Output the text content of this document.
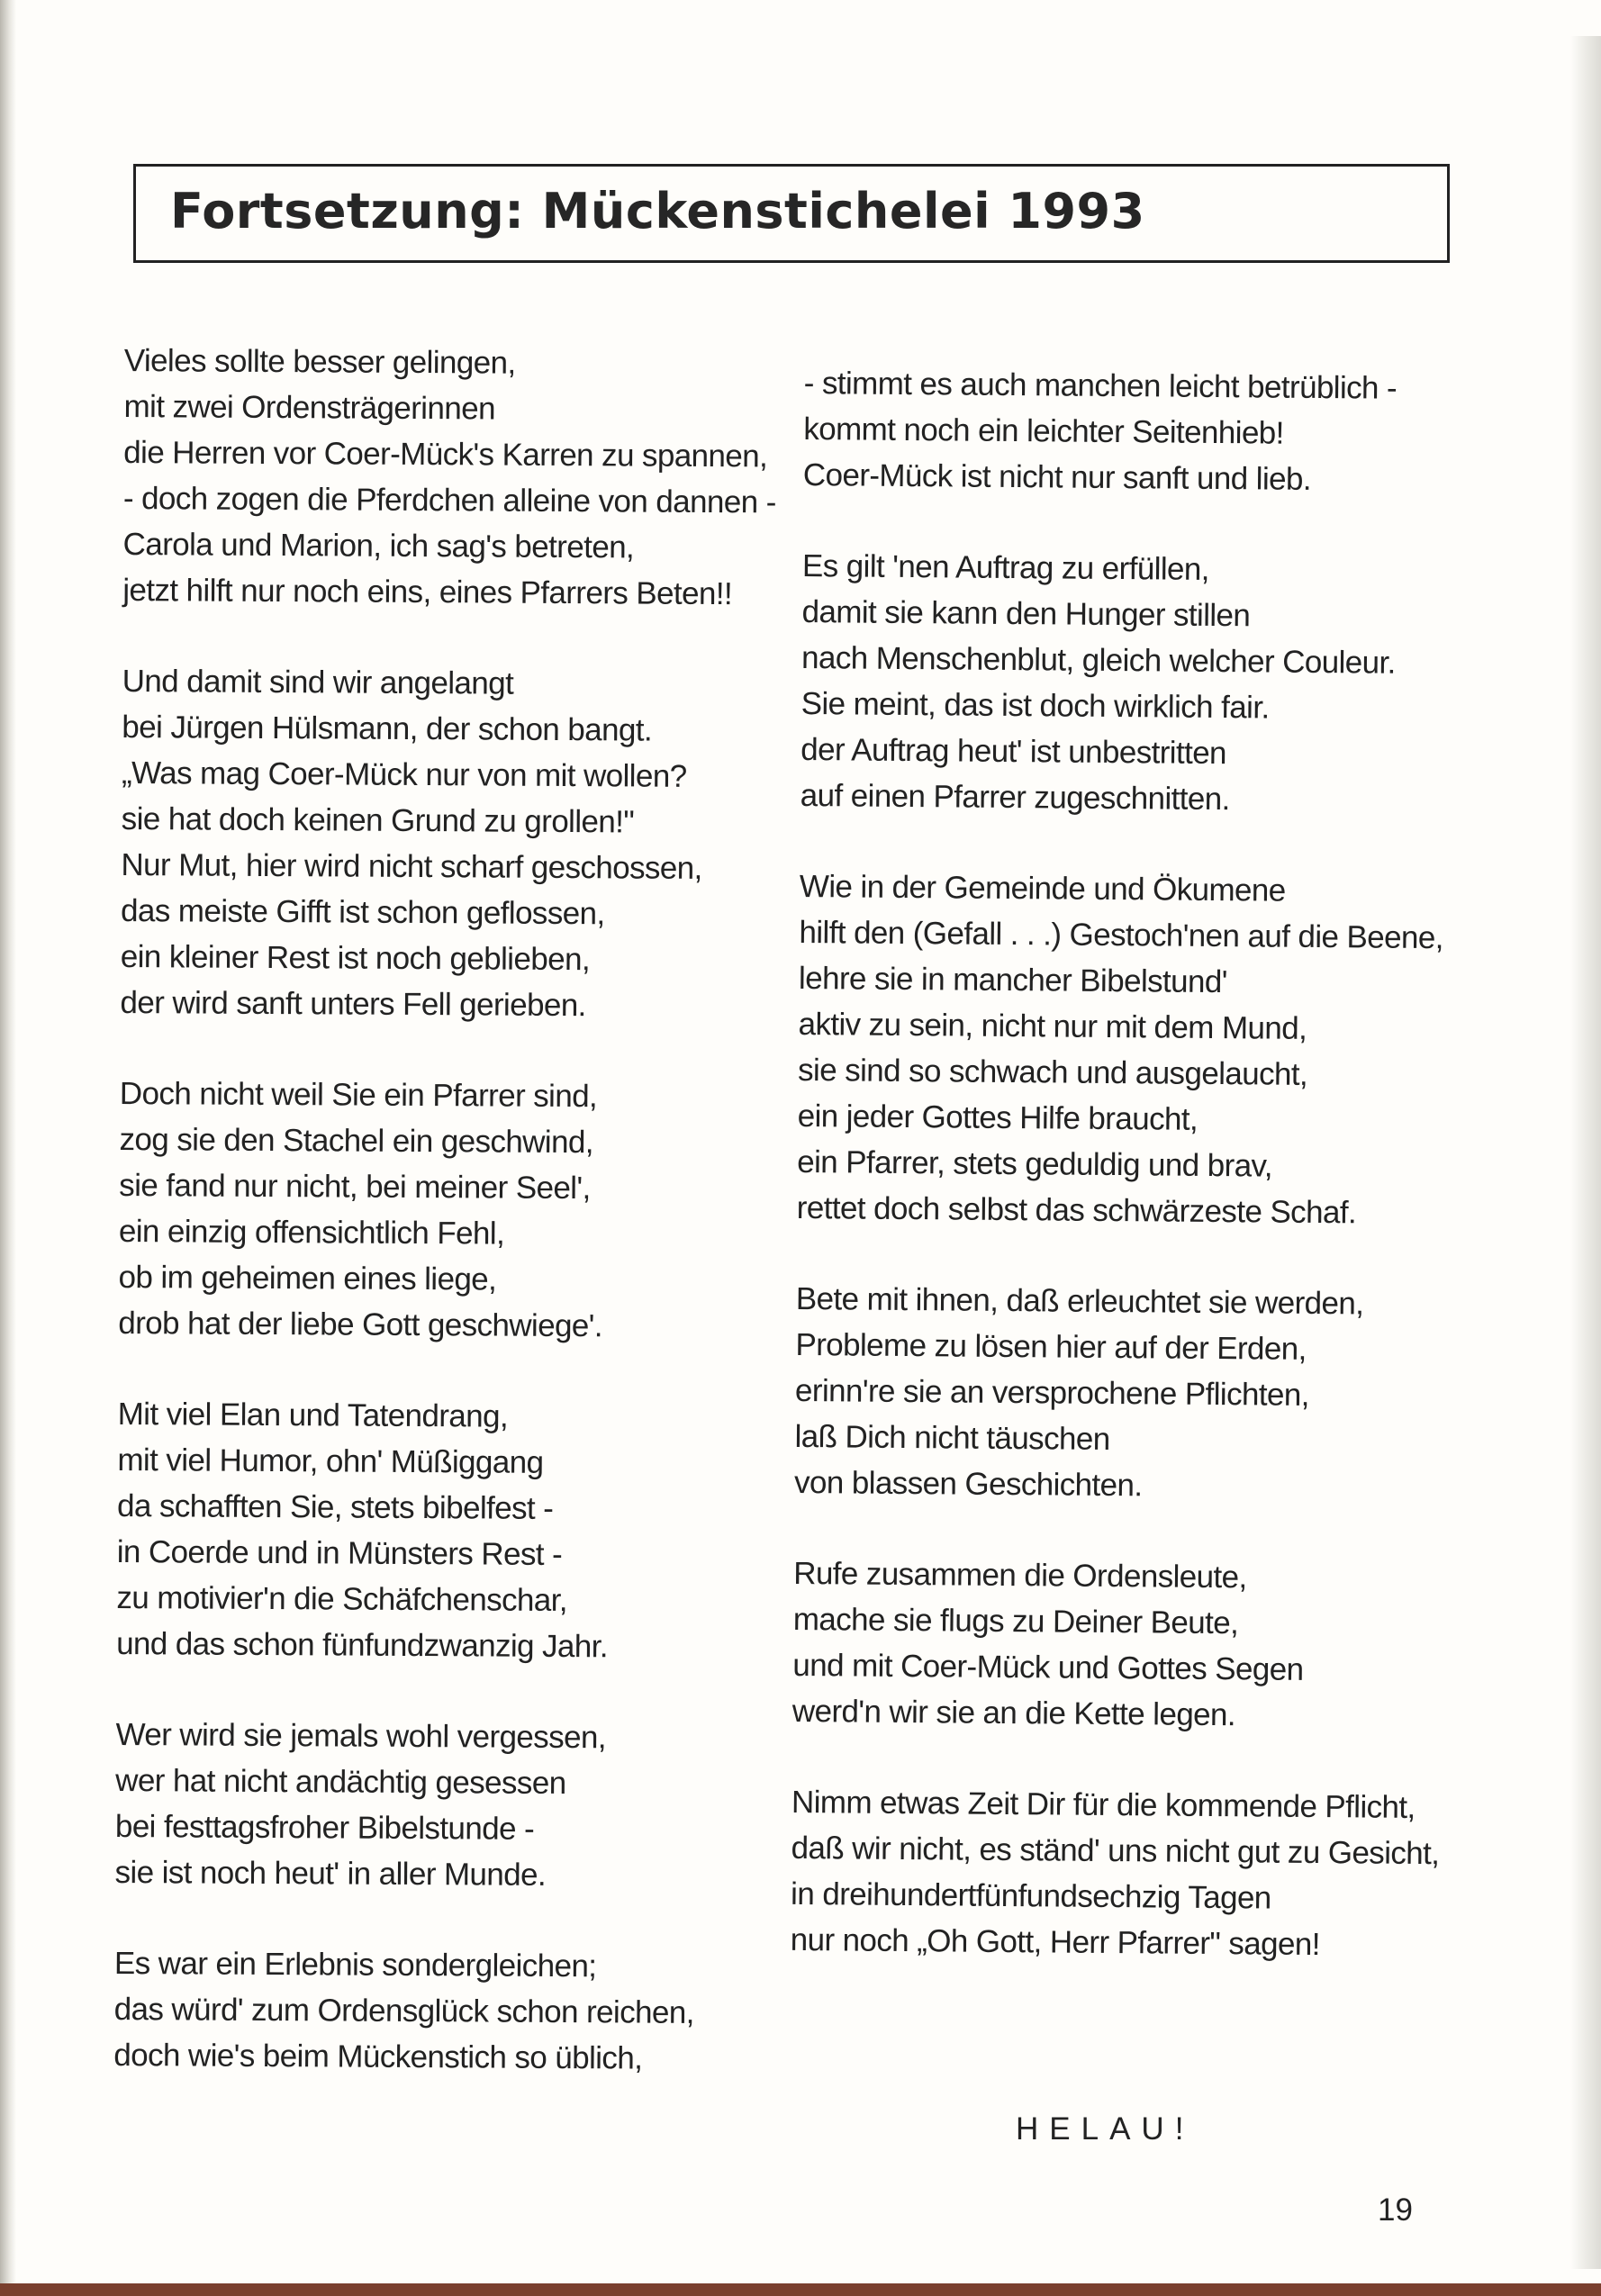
Fortsetzung: Mückenstichelei 1993
Vieles sollte besser gelingen,
mit zwei Ordensträgerinnen
die Herren vor Coer-Mück's Karren zu spannen,
- doch zogen die Pferdchen alleine von dannen -
Carola und Marion, ich sag's betreten,
jetzt hilft nur noch eins, eines Pfarrers Beten!!
Und damit sind wir angelangt
bei Jürgen Hülsmann, der schon bangt.
„Was mag Coer-Mück nur von mit wollen?
sie hat doch keinen Grund zu grollen!"
Nur Mut, hier wird nicht scharf geschossen,
das meiste Gifft ist schon geflossen,
ein kleiner Rest ist noch geblieben,
der wird sanft unters Fell gerieben.
Doch nicht weil Sie ein Pfarrer sind,
zog sie den Stachel ein geschwind,
sie fand nur nicht, bei meiner Seel',
ein einzig offensichtlich Fehl,
ob im geheimen eines liege,
drob hat der liebe Gott geschwiege'.
Mit viel Elan und Tatendrang,
mit viel Humor, ohn' Müßiggang
da schafften Sie, stets bibelfest -
in Coerde und in Münsters Rest -
zu motivier'n die Schäfchenschar,
und das schon fünfundzwanzig Jahr.
Wer wird sie jemals wohl vergessen,
wer hat nicht andächtig gesessen
bei festtagsfroher Bibelstunde -
sie ist noch heut' in aller Munde.
Es war ein Erlebnis sondergleichen;
das würd' zum Ordensglück schon reichen,
doch wie's beim Mückenstich so üblich,
- stimmt es auch manchen leicht betrüblich -
kommt noch ein leichter Seitenhieb!
Coer-Mück ist nicht nur sanft und lieb.
Es gilt 'nen Auftrag zu erfüllen,
damit sie kann den Hunger stillen
nach Menschenblut, gleich welcher Couleur.
Sie meint, das ist doch wirklich fair.
der Auftrag heut' ist unbestritten
auf einen Pfarrer zugeschnitten.
Wie in der Gemeinde und Ökumene
hilft den (Gefall . . .) Gestoch'nen auf die Beene,
lehre sie in mancher Bibelstund'
aktiv zu sein, nicht nur mit dem Mund,
sie sind so schwach und ausgelaucht,
ein jeder Gottes Hilfe braucht,
ein Pfarrer, stets geduldig und brav,
rettet doch selbst das schwärzeste Schaf.
Bete mit ihnen, daß erleuchtet sie werden,
Probleme zu lösen hier auf der Erden,
erinn're sie an versprochene Pflichten,
laß Dich nicht täuschen
von blassen Geschichten.
Rufe zusammen die Ordensleute,
mache sie flugs zu Deiner Beute,
und mit Coer-Mück und Gottes Segen
werd'n wir sie an die Kette legen.
Nimm etwas Zeit Dir für die kommende Pflicht,
daß wir nicht, es ständ' uns nicht gut zu Gesicht,
in dreihundertfünfundsechzig Tagen
nur noch „Oh Gott, Herr Pfarrer" sagen!
HELAU!
19
